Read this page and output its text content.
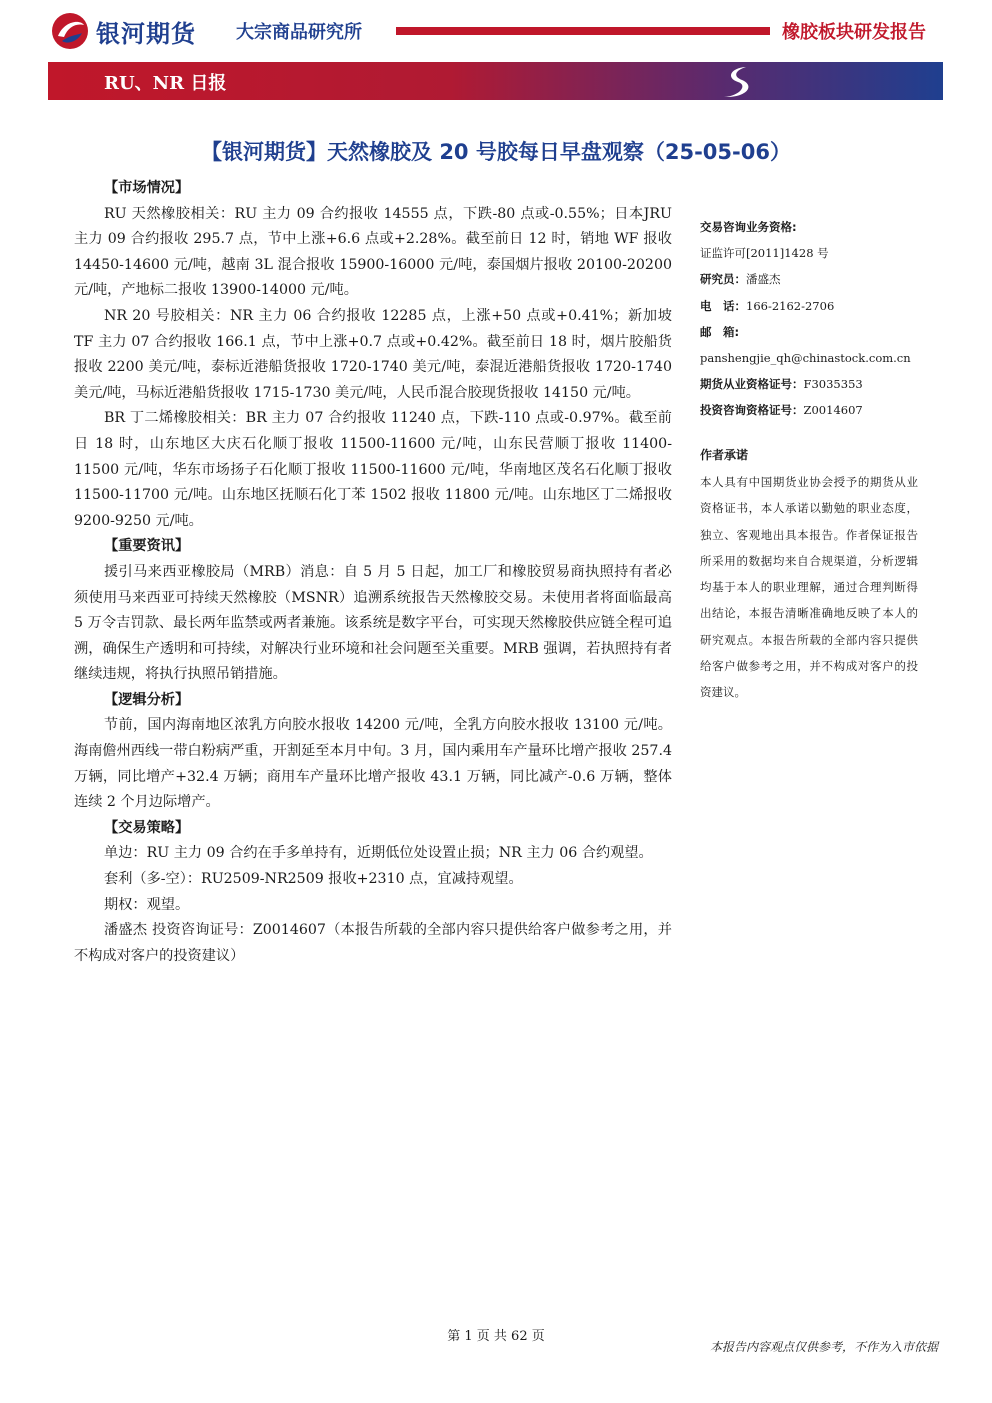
银河期货 大宗商品研究所	橡胶板块研发报告
RU、NR 日报
【银河期货】天然橡胶及 20 号胶每日早盘观察（25-05-06）
【市场情况】

RU 天然橡胶相关：RU 主力 09 合约报收 14555 点，下跌-80 点或-0.55%；日本JRU 主力 09 合约报收 295.7 点，节中上涨+6.6 点或+2.28%。截至前日 12 时，销地 WF 报收 14450-14600 元/吨，越南 3L 混合报收 15900-16000 元/吨，泰国烟片报收 20100-20200 元/吨，产地标二报收 13900-14000 元/吨。

NR 20 号胶相关：NR 主力 06 合约报收 12285 点，上涨+50 点或+0.41%；新加坡 TF 主力 07 合约报收 166.1 点，节中上涨+0.7 点或+0.42%。截至前日 18 时，烟片胶船货报收 2200 美元/吨，泰标近港船货报收 1720-1740 美元/吨，泰混近港船货报收 1720-1740 美元/吨，马标近港船货报收 1715-1730 美元/吨，人民币混合胶现货报收 14150 元/吨。

BR 丁二烯橡胶相关：BR 主力 07 合约报收 11240 点，下跌-110 点或-0.97%。截至前日 18 时，山东地区大庆石化顺丁报收 11500-11600 元/吨，山东民营顺丁报收 11400-11500 元/吨，华东市场扬子石化顺丁报收 11500-11600 元/吨，华南地区茂名石化顺丁报收 11500-11700 元/吨。山东地区抚顺石化丁苯 1502 报收 11800 元/吨。山东地区丁二烯报收 9200-9250 元/吨。

【重要资讯】

援引马来西亚橡胶局（MRB）消息：自 5 月 5 日起，加工厂和橡胶贸易商执照持有者必须使用马来西亚可持续天然橡胶（MSNR）追溯系统报告天然橡胶交易。未使用者将面临最高 5 万令吉罚款、最长两年监禁或两者兼施。该系统是数字平台，可实现天然橡胶供应链全程可追溯，确保生产透明和可持续，对解决行业环境和社会问题至关重要。MRB 强调，若执照持有者继续违规，将执行执照吊销措施。

【逻辑分析】

节前，国内海南地区浓乳方向胶水报收 14200 元/吨，全乳方向胶水报收 13100 元/吨。海南儋州西线一带白粉病严重，开割延至本月中旬。3 月，国内乘用车产量环比增产报收 257.4 万辆，同比增产+32.4 万辆；商用车产量环比增产报收 43.1 万辆，同比减产-0.6 万辆，整体连续 2 个月边际增产。

【交易策略】

单边：RU 主力 09 合约在手多单持有，近期低位处设置止损；NR 主力 06 合约观望。

套利（多-空）：RU2509-NR2509 报收+2310 点，宜减持观望。

期权：观望。

潘盛杰 投资咨询证号：Z0014607（本报告所载的全部内容只提供给客户做参考之用，并不构成对客户的投资建议）

交易咨询业务资格:
证监许可[2011]1428 号
研究员：潘盛杰
电　话：166-2162-2706
邮　箱:
panshengjie_qh@chinastock.com.cn
期货从业资格证号：F3035353
投资咨询资格证号：Z0014607
作者承诺
本人具有中国期货业协会授予的期货从业资格证书，本人承诺以勤勉的职业态度，独立、客观地出具本报告。作者保证报告所采用的数据均来自合规渠道，分析逻辑均基于本人的职业理解，通过合理判断得出结论，本报告清晰准确地反映了本人的研究观点。本报告所载的全部内容只提供给客户做参考之用，并不构成对客户的投资建议。
第 1 页 共 62 页
本报告内容观点仅供参考，不作为入市依据
